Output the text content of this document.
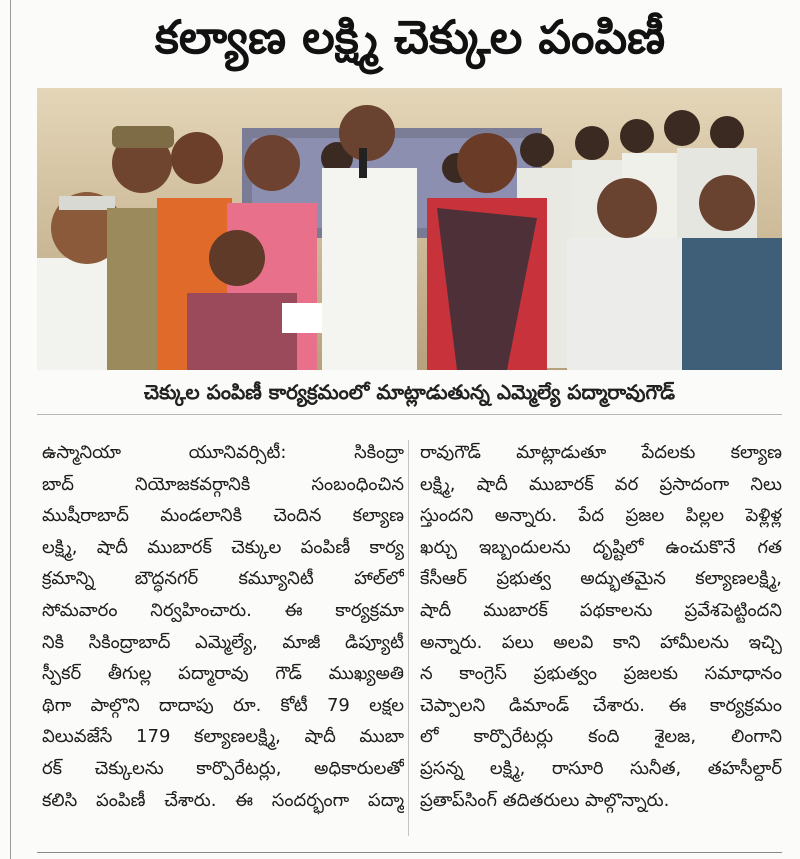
కల్యాణ లక్ష్మి చెక్కుల పంపిణీ
చెక్కుల పంపిణీ కార్యక్రమంలో మాట్లాడుతున్న ఎమ్మెల్యే పద్మారావుగౌడ్
ఉస్మానియా యూనివర్సిటీ: సికింద్రా
బాద్ నియోజకవర్గానికి సంబంధించిన
ముషీరాబాద్ మండలానికి చెందిన కల్యాణ
లక్ష్మి, షాదీ ముబారక్ చెక్కుల పంపిణీ కార్య
క్రమాన్ని బౌద్ధనగర్ కమ్యూనిటీ హాల్‌లో
సోమవారం నిర్వహించారు. ఈ కార్యక్రమా
నికి సికింద్రాబాద్ ఎమ్మెల్యే, మాజీ డిప్యూటీ
స్పీకర్ తీగుల్ల పద్మారావు గౌడ్ ముఖ్యఅతి
థిగా పాల్గొని దాదాపు రూ. కోటీ 79 లక్షల
విలువజేసే 179 కల్యాణలక్ష్మి, షాదీ ముబా
రక్ చెక్కులను కార్పొరేటర్లు, అధికారులతో
కలిసి పంపిణీ చేశారు. ఈ సందర్భంగా పద్మా
రావుగౌడ్ మాట్లాడుతూ పేదలకు కల్యాణ
లక్ష్మి, షాదీ ముబారక్ వర ప్రసాదంగా నిలు
స్తుందని అన్నారు. పేద ప్రజల పిల్లల పెళ్లిళ్ల
ఖర్చు ఇబ్బందులను దృష్టిలో ఉంచుకొనే గత
కేసీఆర్ ప్రభుత్వ అద్భుతమైన కల్యాణలక్ష్మి,
షాదీ ముబారక్ పథకాలను ప్రవేశపెట్టిందని
అన్నారు. పలు అలవి కాని హామీలను ఇచ్చి
న కాంగ్రెస్ ప్రభుత్వం ప్రజలకు సమాధానం
చెప్పాలని డిమాండ్ చేశారు. ఈ కార్యక్రమం
లో కార్పొరేటర్లు కంది శైలజ, లింగాని
ప్రసన్న లక్ష్మి, రాసూరి సునీత, తహసీల్దార్
ప్రతాప్‌సింగ్ తదితరులు పాల్గొన్నారు.
